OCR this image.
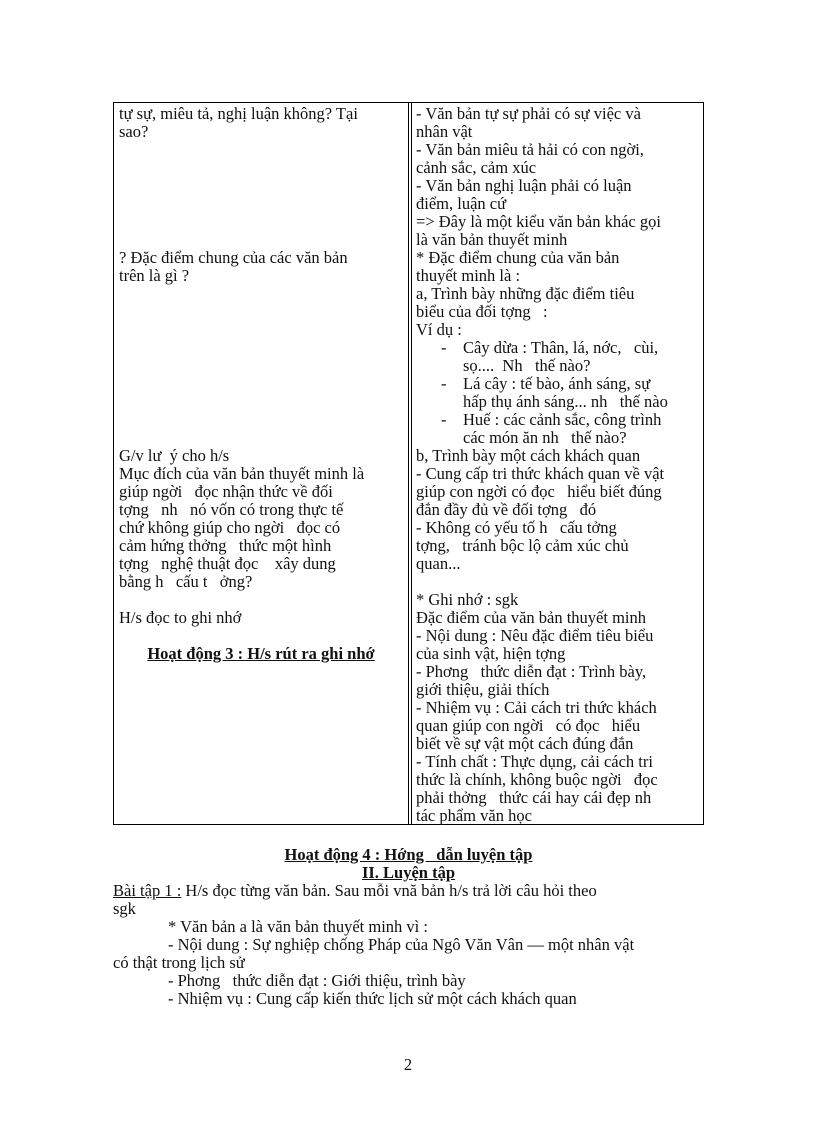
tự sự, miêu tả, nghị luận không? Tại
sao?
? Đặc điểm chung của các văn bản
trên là gì ?
G/v lư  ý cho h/s
Mục đích của văn bản thuyết minh là
giúp ngời   đọc nhận thức về đối
tợng   nh   nó vốn có trong thực tế
chứ không giúp cho ngời   đọc có
cảm hứng thởng   thức một hình
tợng   nghệ thuật đọc    xây dung
bằng h   cấu t   ởng?
H/s đọc to ghi nhớ
Hoạt động 3 : H/s rút ra ghi nhớ
- Văn bản tự sự phải có sự việc và
nhân vật
- Văn bản miêu tả hải có con ngời,
cảnh sắc, cảm xúc
- Văn bản nghị luận phải có luận
điểm, luận cứ
=> Đây là một kiểu văn bản khác gọi
là văn bản thuyết minh
* Đặc điểm chung của văn bản
thuyết minh là :
a, Trình bày những đặc điểm tiêu
biểu của đối tợng   :
Ví dụ :
- Cây dừa : Thân, lá, nớc,   cùi,
sọ....  Nh   thế nào?
- Lá cây : tế bào, ánh sáng, sự
hấp thụ ánh sáng... nh   thế nào
- Huế : các cảnh sắc, công trình
các món ăn nh   thế nào?
b, Trình bày một cách khách quan
- Cung cấp tri thức khách quan về vật
giúp con ngời có đọc   hiểu biết đúng
đắn đầy đủ về đối tợng   đó
- Không có yếu tố h   cấu tởng
tợng,   tránh bộc lộ cảm xúc chủ
quan...
* Ghi nhớ : sgk
Đặc điểm của văn bản thuyết minh
- Nội dung : Nêu đặc điểm tiêu biểu
của sinh vật, hiện tợng
- Phơng   thức diễn đạt : Trình bày,
giới thiệu, giải thích
- Nhiệm vụ : Cải cách tri thức khách
quan giúp con ngời   có đọc   hiểu
biết về sự vật một cách đúng đắn
- Tính chất : Thực dụng, cải cách tri
thức là chính, không buộc ngời   đọc
phải thởng   thức cái hay cái đẹp nh
tác phẩm văn học
Hoạt động 4 : Hớng   dẫn luyện tập
II. Luyện tập
Bài tập 1 : H/s đọc từng văn bản. Sau mỗi vnă bản h/s trả lời câu hỏi theo
sgk
* Văn bản a là văn bản thuyết minh vì :
- Nội dung : Sự nghiệp chống Pháp của Ngô Văn Vân — một nhân vật
có thật trong lịch sử
- Phơng   thức diễn đạt : Giới thiệu, trình bày
- Nhiệm vụ : Cung cấp kiến thức lịch sử một cách khách quan
2
